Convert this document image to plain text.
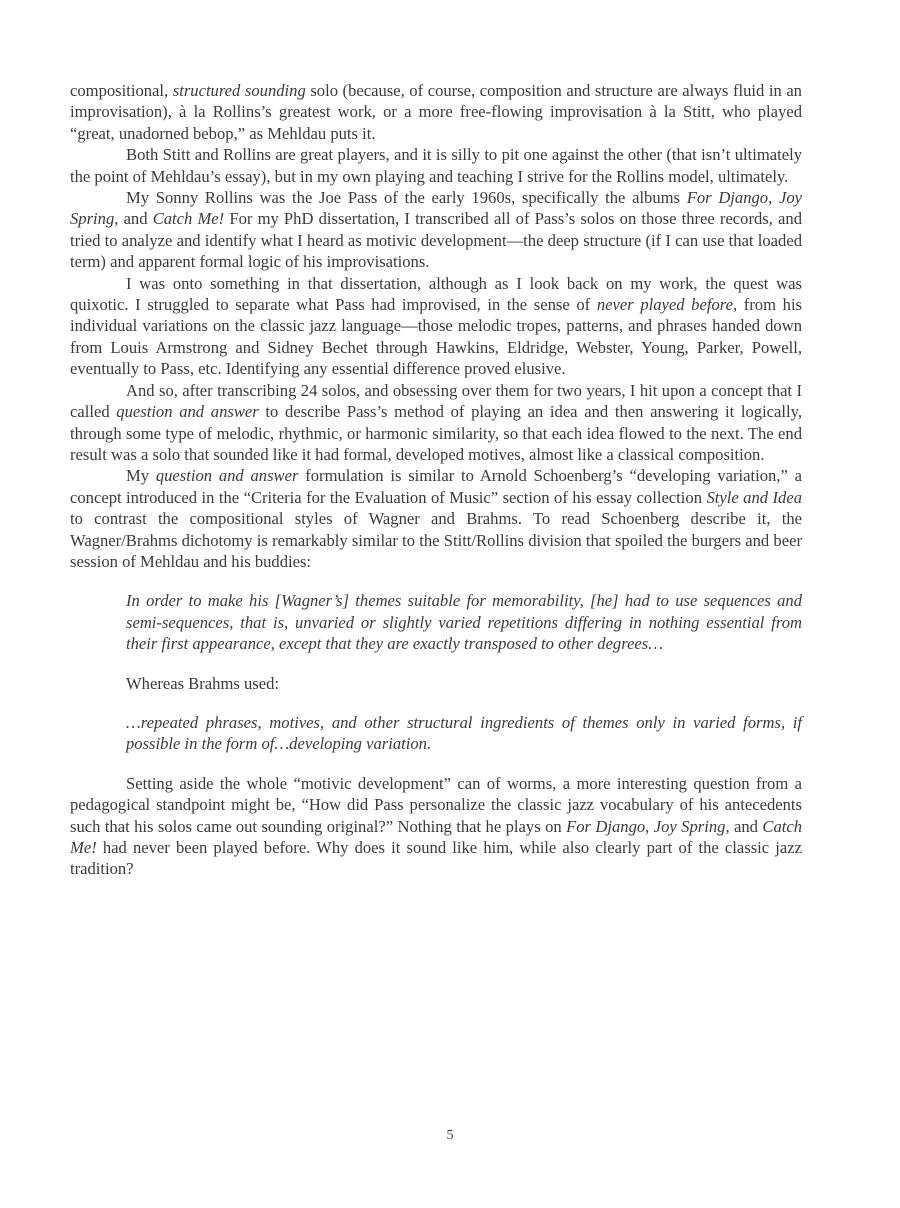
compositional, structured sounding solo (because, of course, composition and structure are always fluid in an improvisation), à la Rollins’s greatest work, or a more free-flowing improvisation à la Stitt, who played “great, unadorned bebop,” as Mehldau puts it.

Both Stitt and Rollins are great players, and it is silly to pit one against the other (that isn’t ultimately the point of Mehldau’s essay), but in my own playing and teaching I strive for the Rollins model, ultimately.

My Sonny Rollins was the Joe Pass of the early 1960s, specifically the albums For Django, Joy Spring, and Catch Me! For my PhD dissertation, I transcribed all of Pass’s solos on those three records, and tried to analyze and identify what I heard as motivic development—the deep structure (if I can use that loaded term) and apparent formal logic of his improvisations.

I was onto something in that dissertation, although as I look back on my work, the quest was quixotic. I struggled to separate what Pass had improvised, in the sense of never played before, from his individual variations on the classic jazz language—those melodic tropes, patterns, and phrases handed down from Louis Armstrong and Sidney Bechet through Hawkins, Eldridge, Webster, Young, Parker, Powell, eventually to Pass, etc. Identifying any essential difference proved elusive.

And so, after transcribing 24 solos, and obsessing over them for two years, I hit upon a concept that I called question and answer to describe Pass’s method of playing an idea and then answering it logically, through some type of melodic, rhythmic, or harmonic similarity, so that each idea flowed to the next. The end result was a solo that sounded like it had formal, developed motives, almost like a classical composition.

My question and answer formulation is similar to Arnold Schoenberg’s “developing variation,” a concept introduced in the “Criteria for the Evaluation of Music” section of his essay collection Style and Idea to contrast the compositional styles of Wagner and Brahms. To read Schoenberg describe it, the Wagner/Brahms dichotomy is remarkably similar to the Stitt/Rollins division that spoiled the burgers and beer session of Mehldau and his buddies:

In order to make his [Wagner’s] themes suitable for memorability, [he] had to use sequences and semi-sequences, that is, unvaried or slightly varied repetitions differing in nothing essential from their first appearance, except that they are exactly transposed to other degrees…

Whereas Brahms used:

…repeated phrases, motives, and other structural ingredients of themes only in varied forms, if possible in the form of…developing variation.

Setting aside the whole “motivic development” can of worms, a more interesting question from a pedagogical standpoint might be, “How did Pass personalize the classic jazz vocabulary of his antecedents such that his solos came out sounding original?” Nothing that he plays on For Django, Joy Spring, and Catch Me! had never been played before. Why does it sound like him, while also clearly part of the classic jazz tradition?

5
